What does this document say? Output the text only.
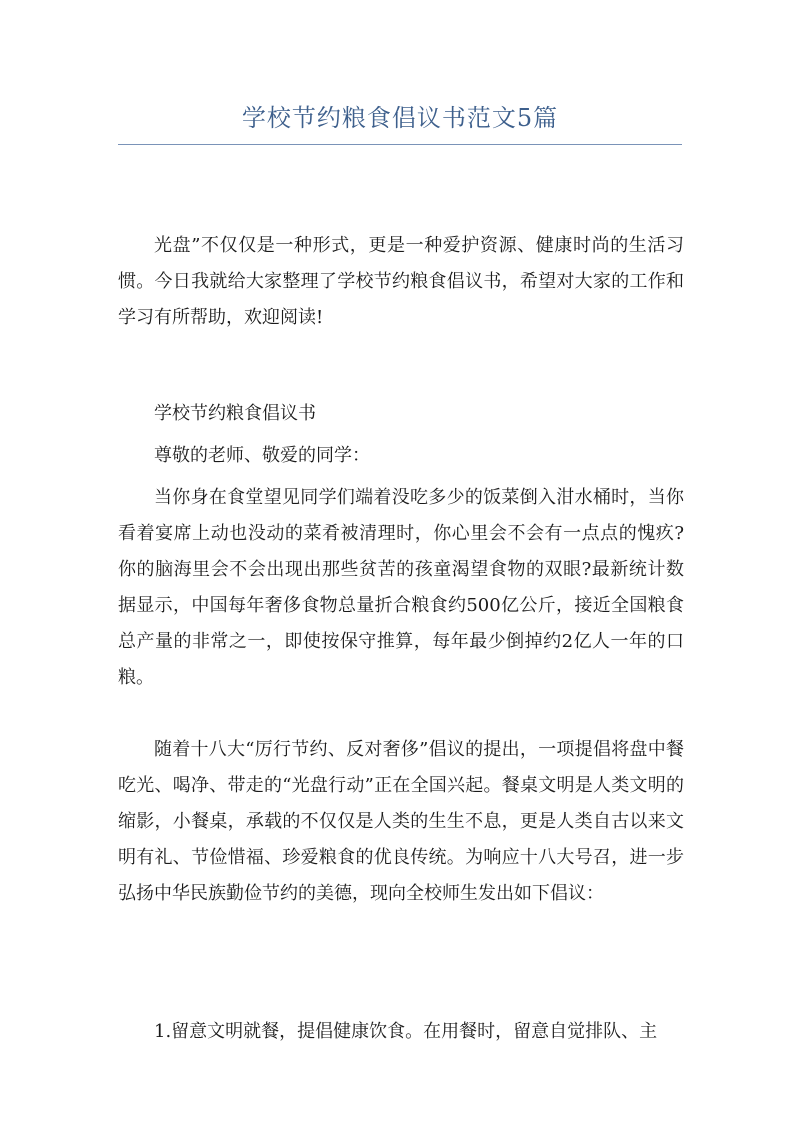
学校节约粮食倡议书范文5篇

光盘”不仅仅是一种形式，更是一种爱护资源、健康时尚的生活习惯。今日我就给大家整理了学校节约粮食倡议书，希望对大家的工作和学习有所帮助，欢迎阅读!

学校节约粮食倡议书

尊敬的老师、敬爱的同学：

当你身在食堂望见同学们端着没吃多少的饭菜倒入泔水桶时，当你看着宴席上动也没动的菜肴被清理时，你心里会不会有一点点的愧疚?你的脑海里会不会出现出那些贫苦的孩童渴望食物的双眼?最新统计数据显示，中国每年奢侈食物总量折合粮食约500亿公斤，接近全国粮食总产量的非常之一，即使按保守推算，每年最少倒掉约2亿人一年的口粮。

随着十八大“厉行节约、反对奢侈”倡议的提出，一项提倡将盘中餐吃光、喝净、带走的“光盘行动”正在全国兴起。餐桌文明是人类文明的缩影，小餐桌，承载的不仅仅是人类的生生不息，更是人类自古以来文明有礼、节俭惜福、珍爱粮食的优良传统。为响应十八大号召，进一步弘扬中华民族勤俭节约的美德，现向全校师生发出如下倡议：

1.留意文明就餐，提倡健康饮食。在用餐时，留意自觉排队、主
